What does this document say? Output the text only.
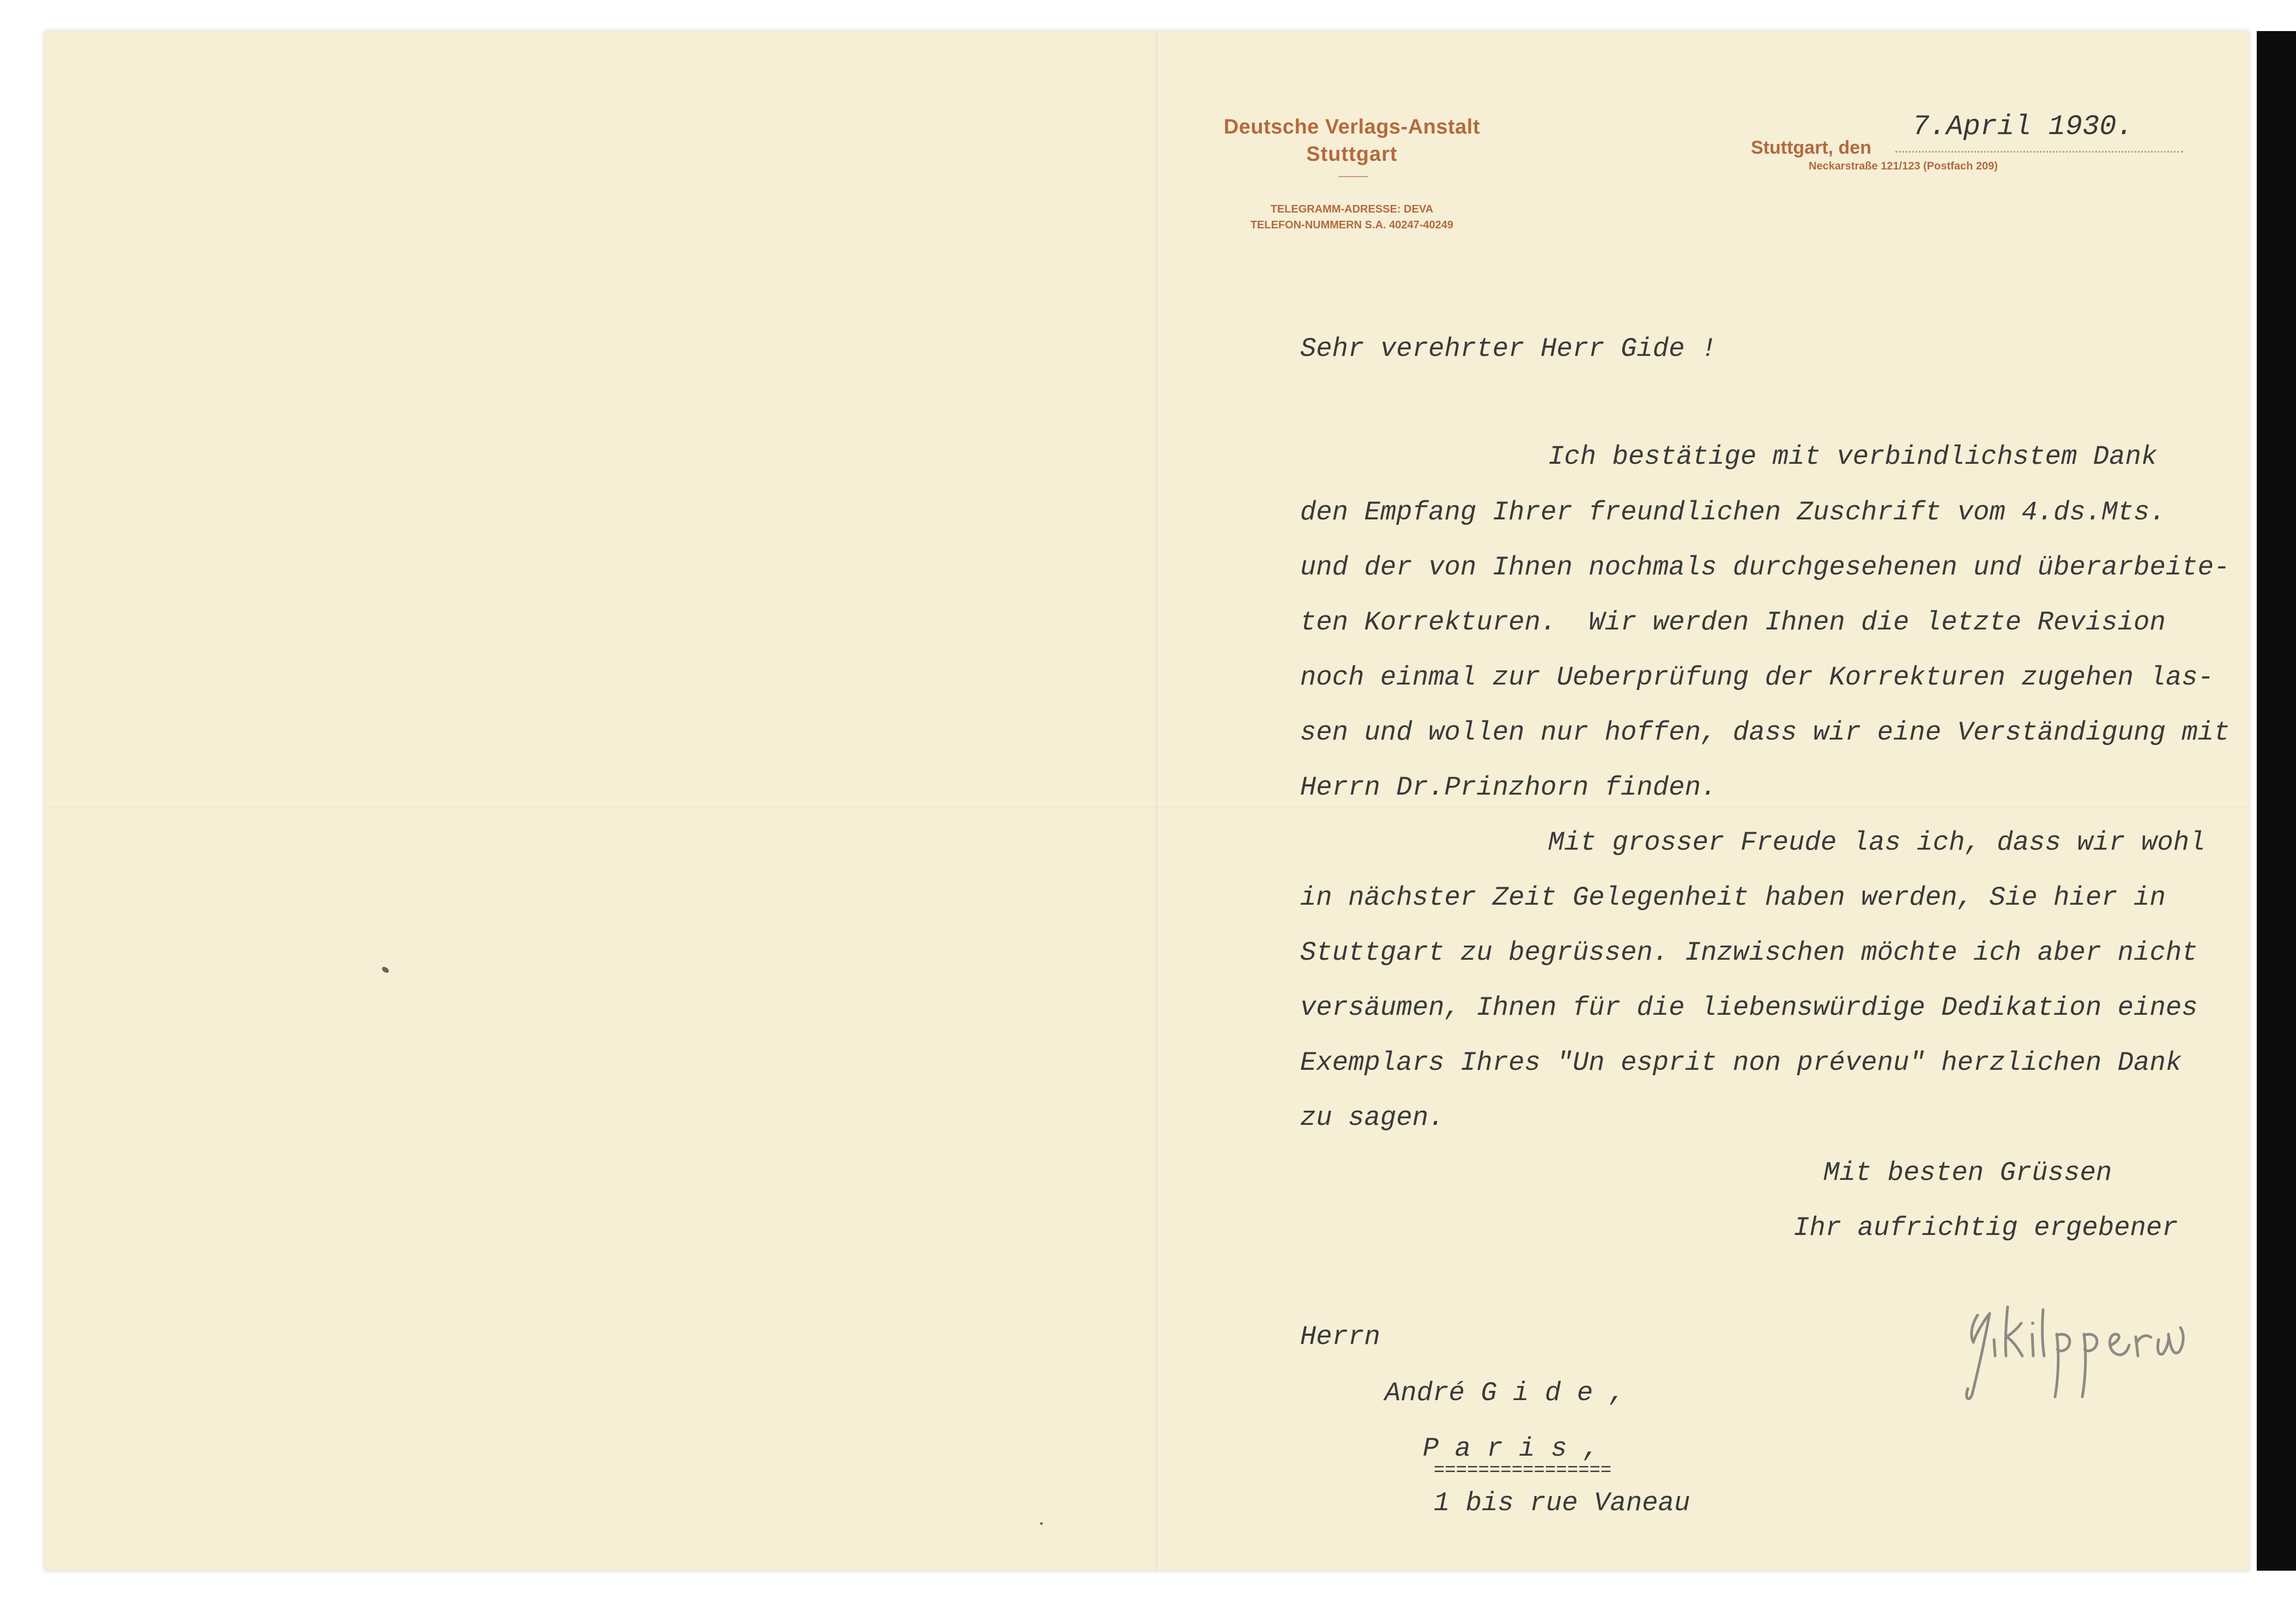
Deutsche Verlags-Anstalt
Stuttgart
TELEGRAMM-ADRESSE: DEVA
TELEFON-NUMMERN S.A. 40247-40249
Stuttgart, den
Neckarstraße 121/123 (Postfach 209)
7.April 1930.
Sehr verehrter Herr Gide !
Ich bestätige mit verbindlichstem Dank
den Empfang Ihrer freundlichen Zuschrift vom 4.ds.Mts.
und der von Ihnen nochmals durchgesehenen und überarbeite-
ten Korrekturen.  Wir werden Ihnen die letzte Revision
noch einmal zur Ueberprüfung der Korrekturen zugehen las-
sen und wollen nur hoffen, dass wir eine Verständigung mit
Herrn Dr.Prinzhorn finden.
Mit grosser Freude las ich, dass wir wohl
in nächster Zeit Gelegenheit haben werden, Sie hier in
Stuttgart zu begrüssen. Inzwischen möchte ich aber nicht
versäumen, Ihnen für die liebenswürdige Dedikation eines
Exemplars Ihres "Un esprit non prévenu" herzlichen Dank
zu sagen.
Mit besten Grüssen
Ihr aufrichtig ergebener
Herrn
André G i d e ,
P a r i s ,
================
1 bis rue Vaneau
